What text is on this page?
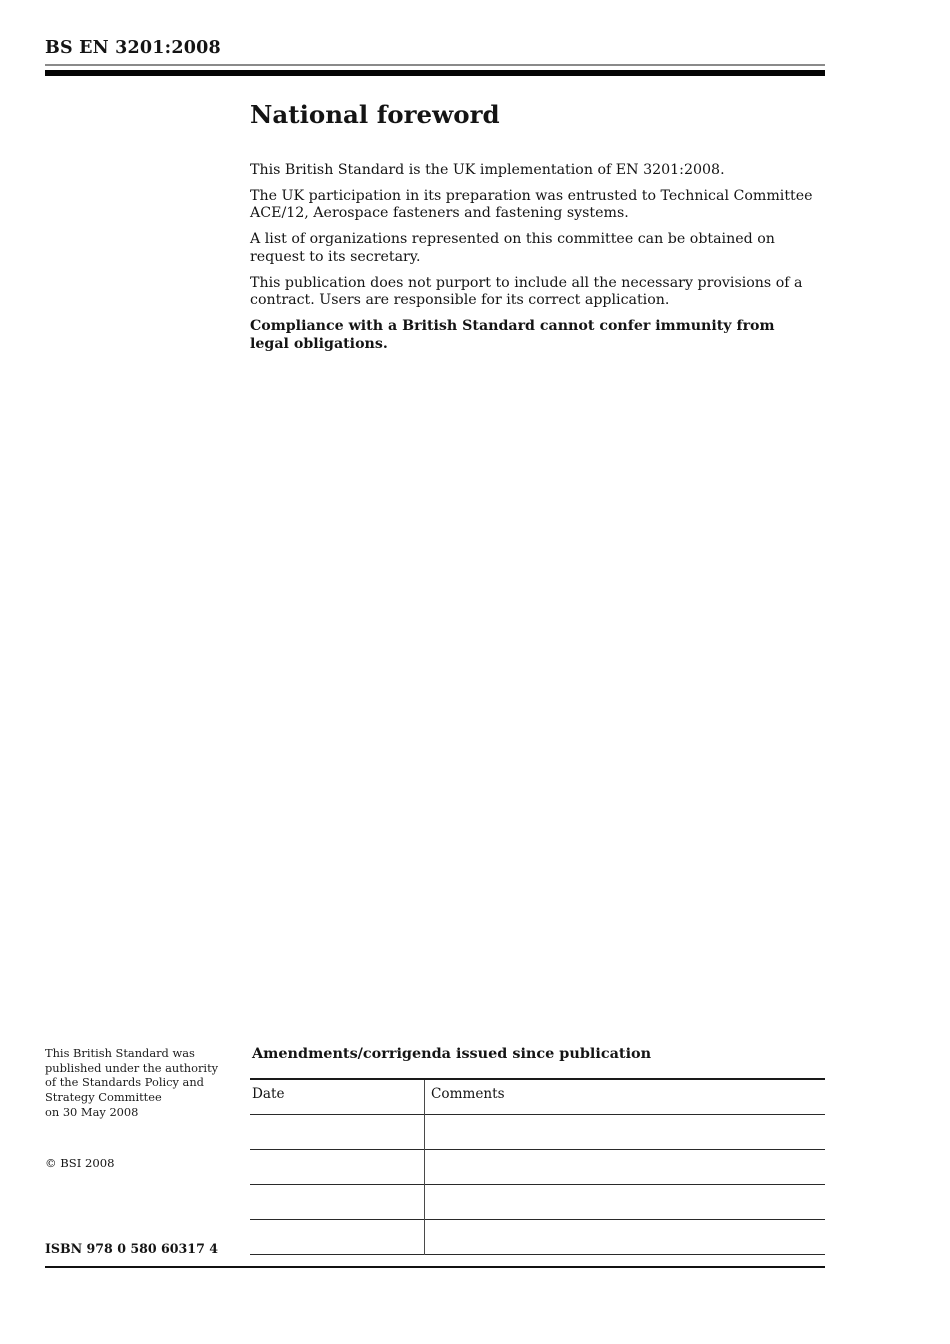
BS EN 3201:2008
National foreword
This British Standard is the UK implementation of EN 3201:2008.
The UK participation in its preparation was entrusted to Technical Committee
ACE/12, Aerospace fasteners and fastening systems.
A list of organizations represented on this committee can be obtained on
request to its secretary.
This publication does not purport to include all the necessary provisions of a
contract. Users are responsible for its correct application.
Compliance with a British Standard cannot confer immunity from
legal obligations.
This British Standard was
published under the authority
of the Standards Policy and
Strategy Committee
on 30 May 2008
© BSI 2008
ISBN 978 0 580 60317 4
Amendments/corrigenda issued since publication
Date	Comments
